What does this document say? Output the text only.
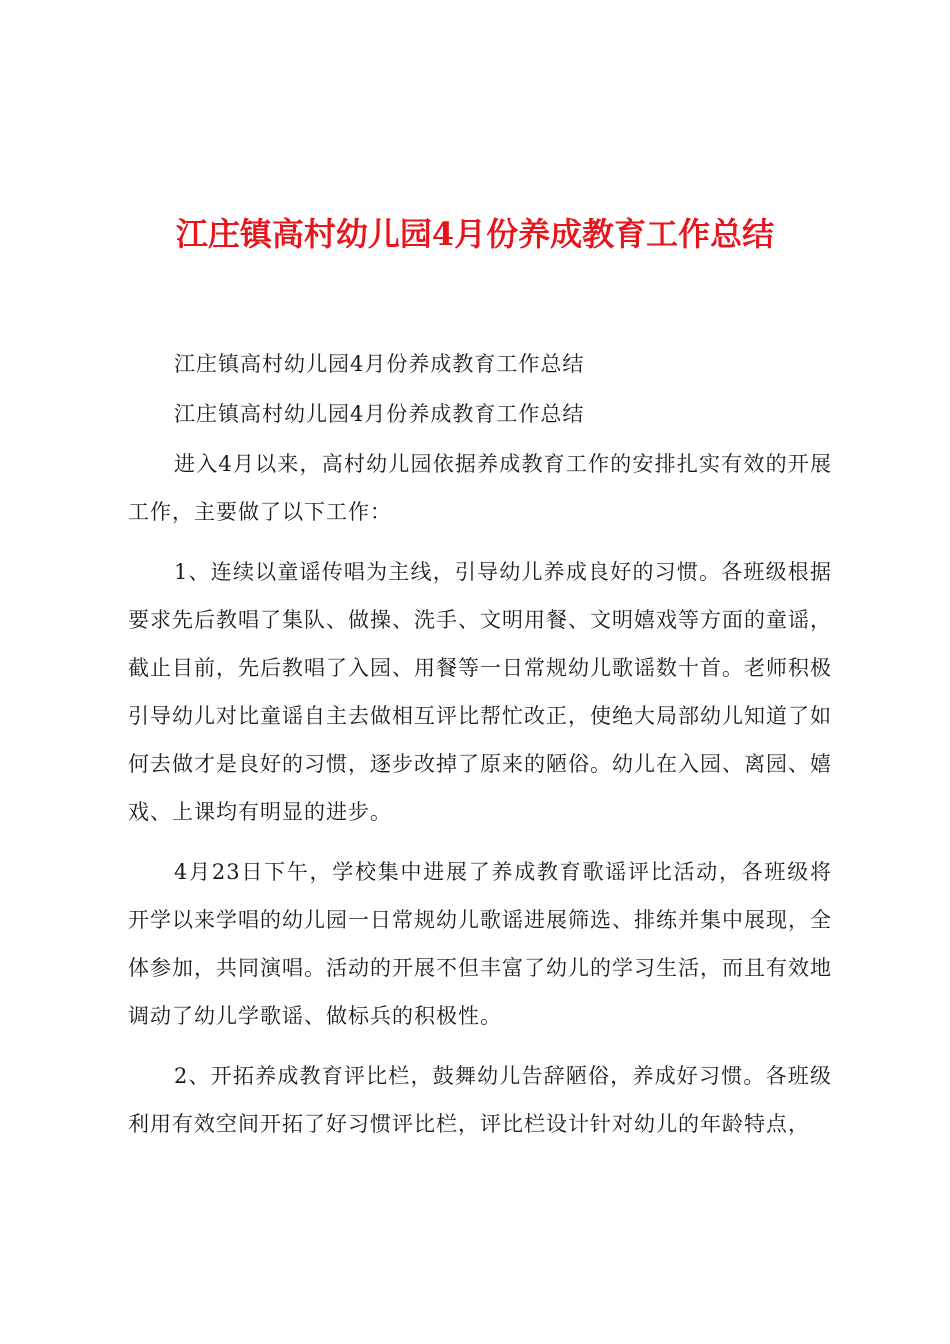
江庄镇高村幼儿园4月份养成教育工作总结

江庄镇高村幼儿园4月份养成教育工作总结

江庄镇高村幼儿园4月份养成教育工作总结

进入4月以来，高村幼儿园依据养成教育工作的安排扎实有效的开展工作，主要做了以下工作：

1、连续以童谣传唱为主线，引导幼儿养成良好的习惯。各班级根据要求先后教唱了集队、做操、洗手、文明用餐、文明嬉戏等方面的童谣，截止目前，先后教唱了入园、用餐等一日常规幼儿歌谣数十首。老师积极引导幼儿对比童谣自主去做相互评比帮忙改正，使绝大局部幼儿知道了如何去做才是良好的习惯，逐步改掉了原来的陋俗。幼儿在入园、离园、嬉戏、上课均有明显的进步。

4月23日下午，学校集中进展了养成教育歌谣评比活动，各班级将开学以来学唱的幼儿园一日常规幼儿歌谣进展筛选、排练并集中展现，全体参加，共同演唱。活动的开展不但丰富了幼儿的学习生活，而且有效地调动了幼儿学歌谣、做标兵的积极性。

2、开拓养成教育评比栏，鼓舞幼儿告辞陋俗，养成好习惯。各班级利用有效空间开拓了好习惯评比栏，评比栏设计针对幼儿的年龄特点，
